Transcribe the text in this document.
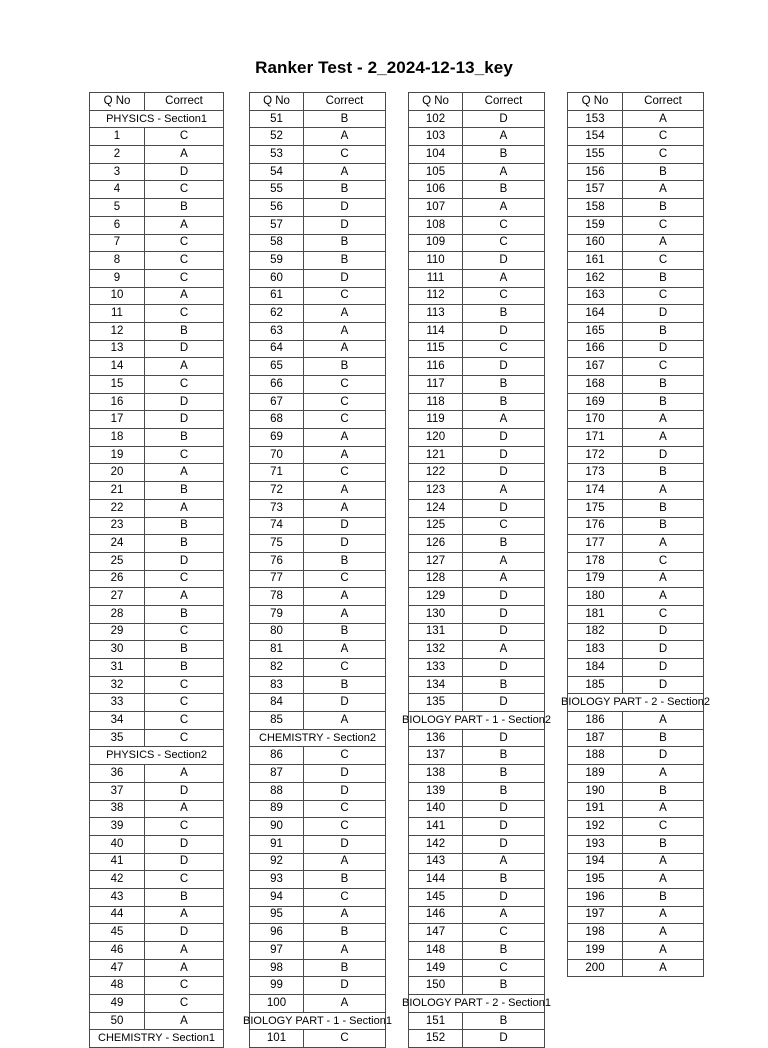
Ranker Test - 2_2024-12-13_key
Q No	Correct
PHYSICS - Section1	
1	C
2	A
3	D
4	C
5	B
6	A
7	C
8	C
9	C
10	A
11	C
12	B
13	D
14	A
15	C
16	D
17	D
18	B
19	C
20	A
21	B
22	A
23	B
24	B
25	D
26	C
27	A
28	B
29	C
30	B
31	B
32	C
33	C
34	C
35	C
PHYSICS - Section2	
36	A
37	D
38	A
39	C
40	D
41	D
42	C
43	B
44	A
45	D
46	A
47	A
48	C
49	C
50	A
CHEMISTRY - Section1	
Q No	Correct
51	B
52	A
53	C
54	A
55	B
56	D
57	D
58	B
59	B
60	D
61	C
62	A
63	A
64	A
65	B
66	C
67	C
68	C
69	A
70	A
71	C
72	A
73	A
74	D
75	D
76	B
77	C
78	A
79	A
80	B
81	A
82	C
83	B
84	D
85	A
CHEMISTRY - Section2	
86	C
87	D
88	D
89	C
90	C
91	D
92	A
93	B
94	C
95	A
96	B
97	A
98	B
99	D
100	A
BIOLOGY PART - 1 - Section1	
101	C
Q No	Correct
102	D
103	A
104	B
105	A
106	B
107	A
108	C
109	C
110	D
111	A
112	C
113	B
114	D
115	C
116	D
117	B
118	B
119	A
120	D
121	D
122	D
123	A
124	D
125	C
126	B
127	A
128	A
129	D
130	D
131	D
132	A
133	D
134	B
135	D
BIOLOGY PART - 1 - Section2	
136	D
137	B
138	B
139	B
140	D
141	D
142	D
143	A
144	B
145	D
146	A
147	C
148	B
149	C
150	B
BIOLOGY PART - 2 - Section1	
151	B
152	D
Q No	Correct
153	A
154	C
155	C
156	B
157	A
158	B
159	C
160	A
161	C
162	B
163	C
164	D
165	B
166	D
167	C
168	B
169	B
170	A
171	A
172	D
173	B
174	A
175	B
176	B
177	A
178	C
179	A
180	A
181	C
182	D
183	D
184	D
185	D
BIOLOGY PART - 2 - Section2	
186	A
187	B
188	D
189	A
190	B
191	A
192	C
193	B
194	A
195	A
196	B
197	A
198	A
199	A
200	A
